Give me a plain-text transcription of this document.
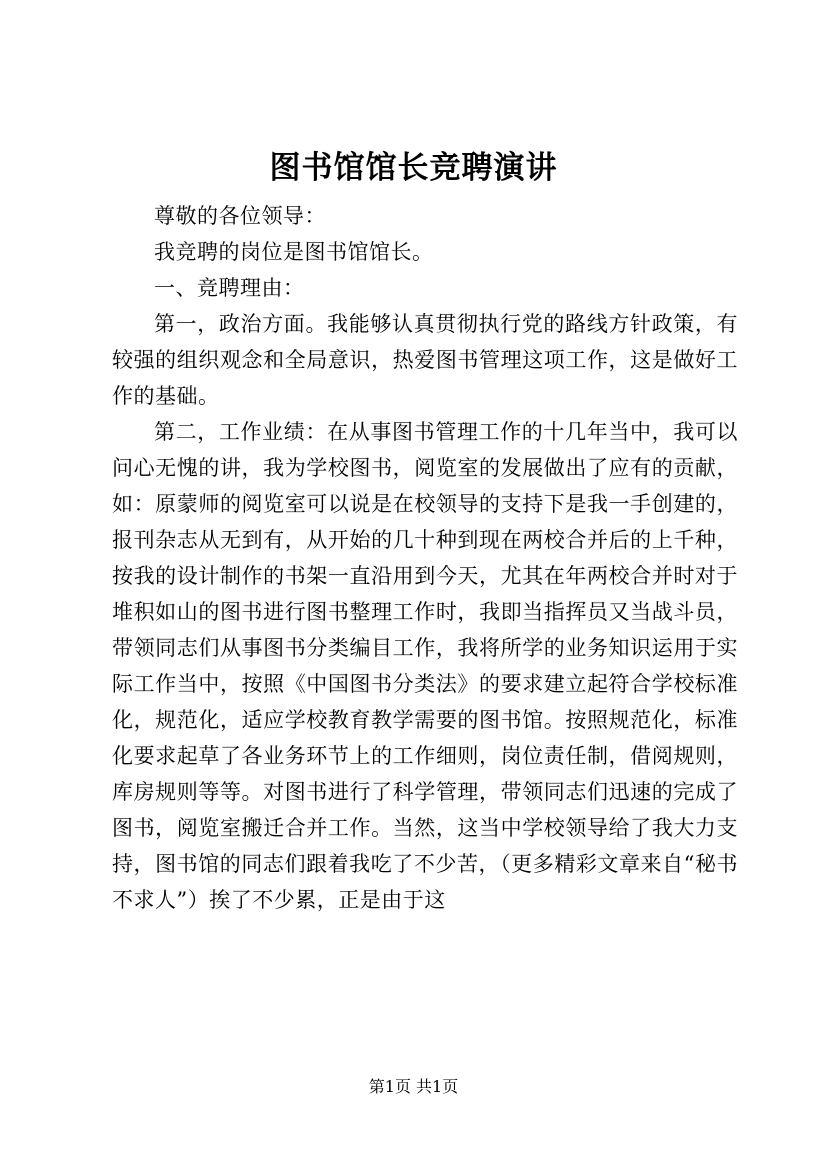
图书馆馆长竞聘演讲

尊敬的各位领导：

我竞聘的岗位是图书馆馆长。

一、竞聘理由：

第一，政治方面。我能够认真贯彻执行党的路线方针政策，有较强的组织观念和全局意识，热爱图书管理这项工作，这是做好工作的基础。

第二，工作业绩：在从事图书管理工作的十几年当中，我可以问心无愧的讲，我为学校图书，阅览室的发展做出了应有的贡献，如：原蒙师的阅览室可以说是在校领导的支持下是我一手创建的，报刊杂志从无到有，从开始的几十种到现在两校合并后的上千种，按我的设计制作的书架一直沿用到今天，尤其在年两校合并时对于堆积如山的图书进行图书整理工作时，我即当指挥员又当战斗员，带领同志们从事图书分类编目工作，我将所学的业务知识运用于实际工作当中，按照《中国图书分类法》的要求建立起符合学校标准化，规范化，适应学校教育教学需要的图书馆。按照规范化，标准化要求起草了各业务环节上的工作细则，岗位责任制，借阅规则，库房规则等等。对图书进行了科学管理，带领同志们迅速的完成了图书，阅览室搬迁合并工作。当然，这当中学校领导给了我大力支持，图书馆的同志们跟着我吃了不少苦，（更多精彩文章来自“秘书不求人”）挨了不少累，正是由于这

第1页 共1页
